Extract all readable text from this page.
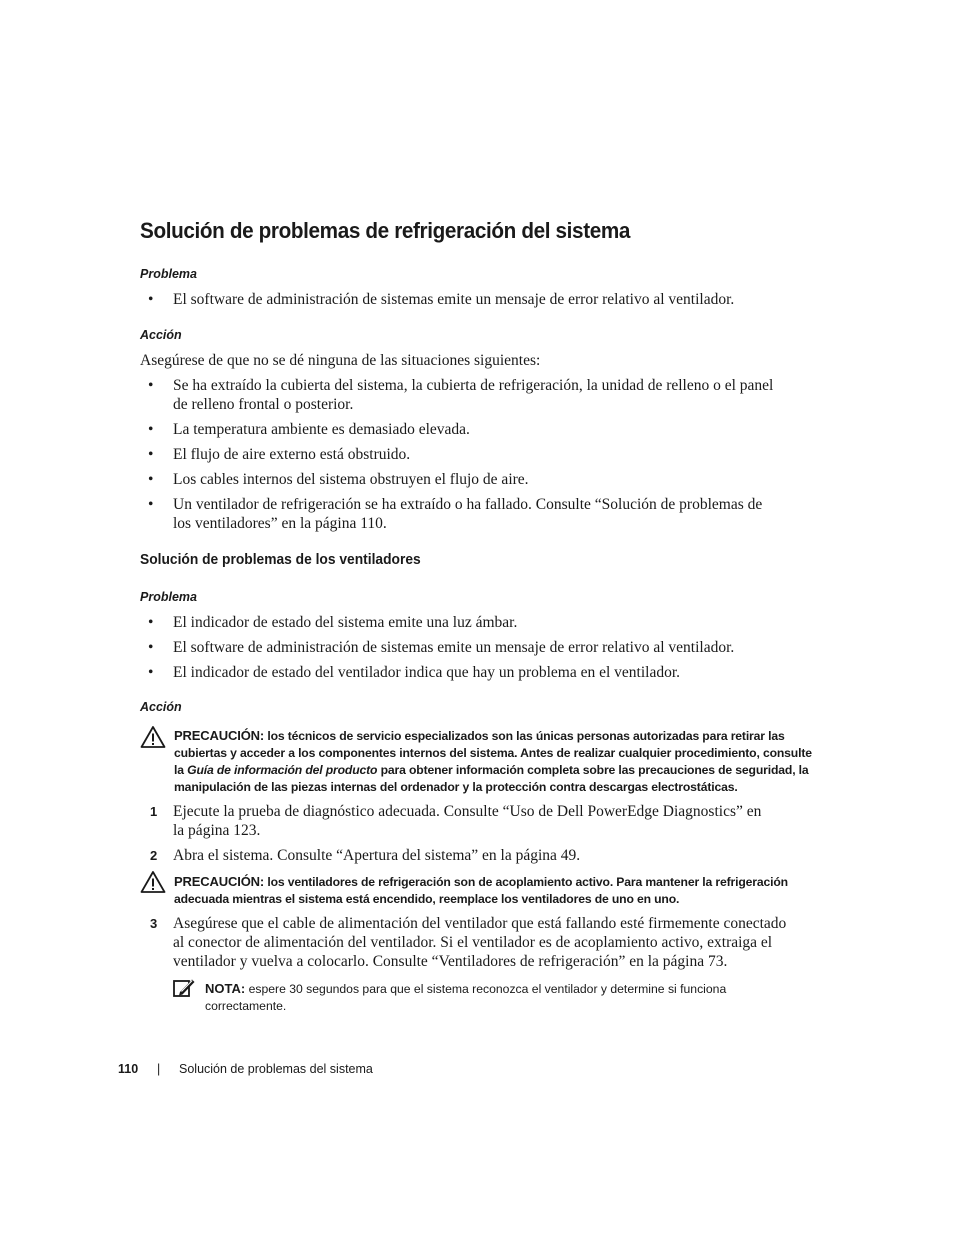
Solución de problemas de refrigeración del sistema
Problema
• El software de administración de sistemas emite un mensaje de error relativo al ventilador.
Acción
Asegúrese de que no se dé ninguna de las situaciones siguientes:
• Se ha extraído la cubierta del sistema, la cubierta de refrigeración, la unidad de relleno o el panel de relleno frontal o posterior.
• La temperatura ambiente es demasiado elevada.
• El flujo de aire externo está obstruido.
• Los cables internos del sistema obstruyen el flujo de aire.
• Un ventilador de refrigeración se ha extraído o ha fallado. Consulte “Solución de problemas de los ventiladores” en la página 110.
Solución de problemas de los ventiladores
Problema
• El indicador de estado del sistema emite una luz ámbar.
• El software de administración de sistemas emite un mensaje de error relativo al ventilador.
• El indicador de estado del ventilador indica que hay un problema en el ventilador.
Acción
PRECAUCIÓN: los técnicos de servicio especializados son las únicas personas autorizadas para retirar las cubiertas y acceder a los componentes internos del sistema. Antes de realizar cualquier procedimiento, consulte la Guía de información del producto para obtener información completa sobre las precauciones de seguridad, la manipulación de las piezas internas del ordenador y la protección contra descargas electrostáticas.
1 Ejecute la prueba de diagnóstico adecuada. Consulte “Uso de Dell PowerEdge Diagnostics” en la página 123.
2 Abra el sistema. Consulte “Apertura del sistema” en la página 49.
PRECAUCIÓN: los ventiladores de refrigeración son de acoplamiento activo. Para mantener la refrigeración adecuada mientras el sistema está encendido, reemplace los ventiladores de uno en uno.
3 Asegúrese que el cable de alimentación del ventilador que está fallando esté firmemente conectado al conector de alimentación del ventilador. Si el ventilador es de acoplamiento activo, extraiga el ventilador y vuelva a colocarlo. Consulte “Ventiladores de refrigeración” en la página 73.
NOTA: espere 30 segundos para que el sistema reconozca el ventilador y determine si funciona correctamente.
110 | Solución de problemas del sistema
